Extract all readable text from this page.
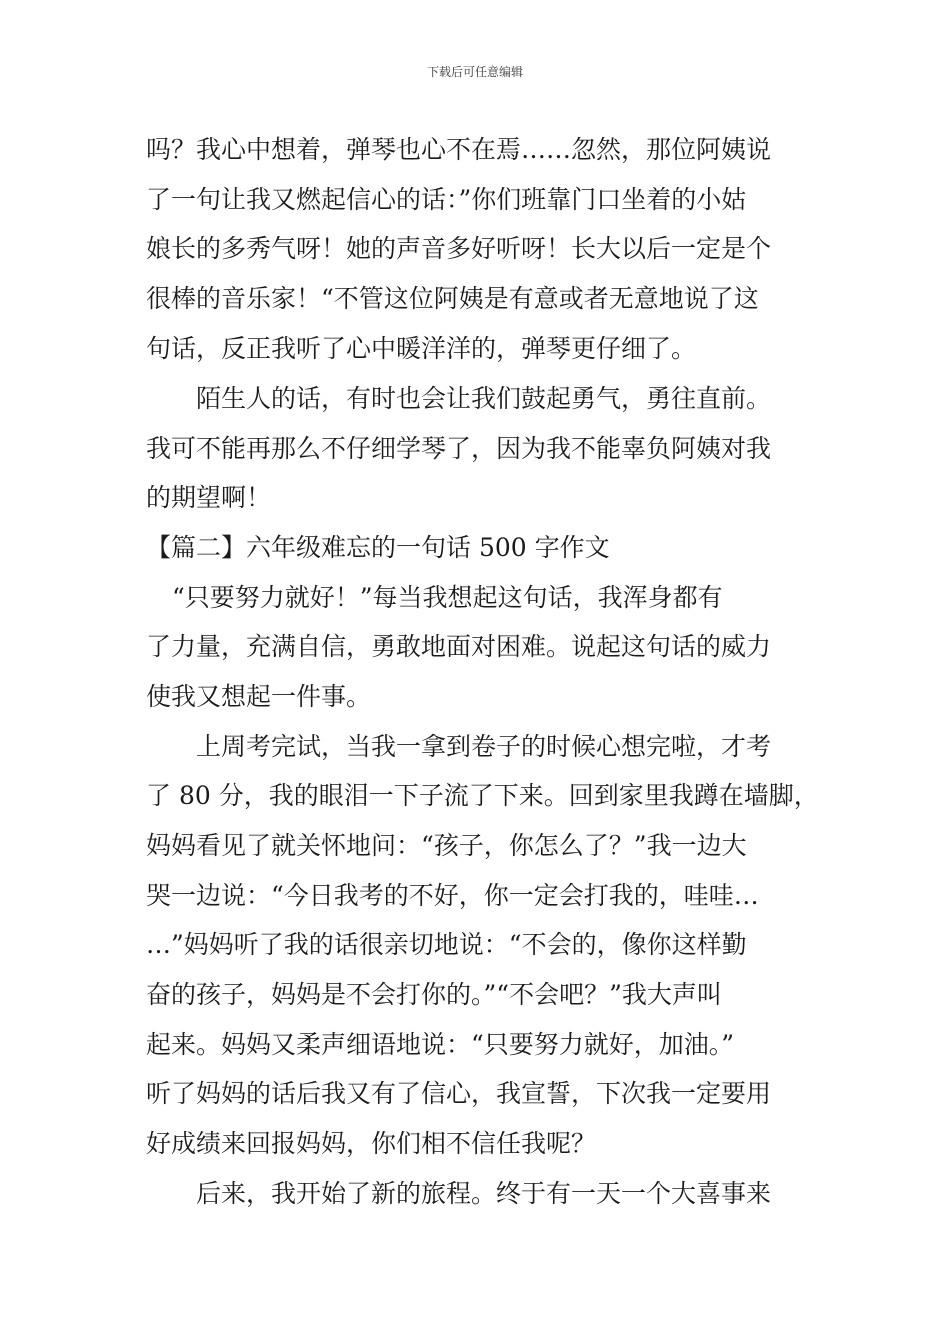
下载后可任意编辑
吗？我心中想着，弹琴也心不在焉……忽然，那位阿姨说
了一句让我又燃起信心的话：”你们班靠门口坐着的小姑
娘长的多秀气呀！她的声音多好听呀！长大以后一定是个
很棒的音乐家！“不管这位阿姨是有意或者无意地说了这
句话，反正我听了心中暖洋洋的，弹琴更仔细了。
陌生人的话，有时也会让我们鼓起勇气，勇往直前。
我可不能再那么不仔细学琴了，因为我不能辜负阿姨对我
的期望啊！
【篇二】六年级难忘的一句话 500 字作文
“只要努力就好！”每当我想起这句话，我浑身都有
了力量，充满自信，勇敢地面对困难。说起这句话的威力
使我又想起一件事。
上周考完试，当我一拿到卷子的时候心想完啦，才考
了 80 分，我的眼泪一下子流了下来。回到家里我蹲在墙脚，
妈妈看见了就关怀地问：“孩子，你怎么了？”我一边大
哭一边说：“今日我考的不好，你一定会打我的，哇哇…
…”妈妈听了我的话很亲切地说：“不会的，像你这样勤
奋的孩子，妈妈是不会打你的。”“不会吧？”我大声叫
起来。妈妈又柔声细语地说：“只要努力就好，加油。”
听了妈妈的话后我又有了信心，我宣誓，下次我一定要用
好成绩来回报妈妈，你们相不信任我呢？
后来，我开始了新的旅程。终于有一天一个大喜事来
